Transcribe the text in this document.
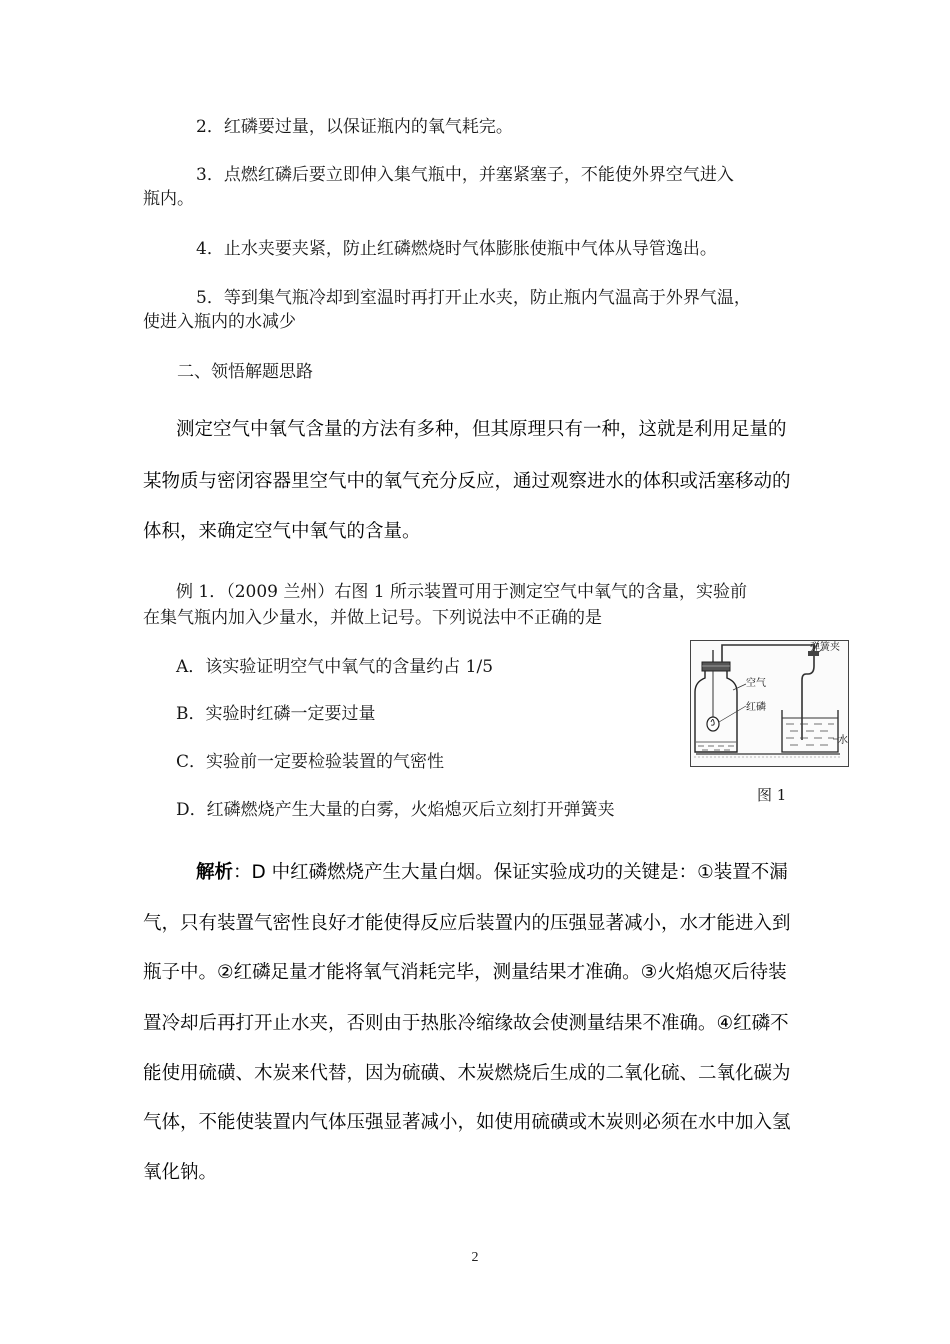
2．红磷要过量，以保证瓶内的氧气耗完。
3．点燃红磷后要立即伸入集气瓶中，并塞紧塞子，不能使外界空气进入
瓶内。
4．止水夹要夹紧，防止红磷燃烧时气体膨胀使瓶中气体从导管逸出。
5．等到集气瓶冷却到室温时再打开止水夹，防止瓶内气温高于外界气温，
使进入瓶内的水减少
二、领悟解题思路
测定空气中氧气含量的方法有多种，但其原理只有一种，这就是利用足量的
某物质与密闭容器里空气中的氧气充分反应，通过观察进水的体积或活塞移动的
体积，来确定空气中氧气的含量。
例 1．（2009 兰州）右图 1 所示装置可用于测定空气中氧气的含量，实验前
在集气瓶内加入少量水，并做上记号。下列说法中不正确的是
A．该实验证明空气中氧气的含量约占 1/5
B．实验时红磷一定要过量
C．实验前一定要检验装置的气密性
D．红磷燃烧产生大量的白雾，火焰熄灭后立刻打开弹簧夹
弹簧夹
空气
红磷
水
图 1
解析：D 中红磷燃烧产生大量白烟。保证实验成功的关键是：①装置不漏
气，只有装置气密性良好才能使得反应后装置内的压强显著减小，水才能进入到
瓶子中。②红磷足量才能将氧气消耗完毕，测量结果才准确。③火焰熄灭后待装
置冷却后再打开止水夹，否则由于热胀冷缩缘故会使测量结果不准确。④红磷不
能使用硫磺、木炭来代替，因为硫磺、木炭燃烧后生成的二氧化硫、二氧化碳为
气体，不能使装置内气体压强显著减小，如使用硫磺或木炭则必须在水中加入氢
氧化钠。
2
